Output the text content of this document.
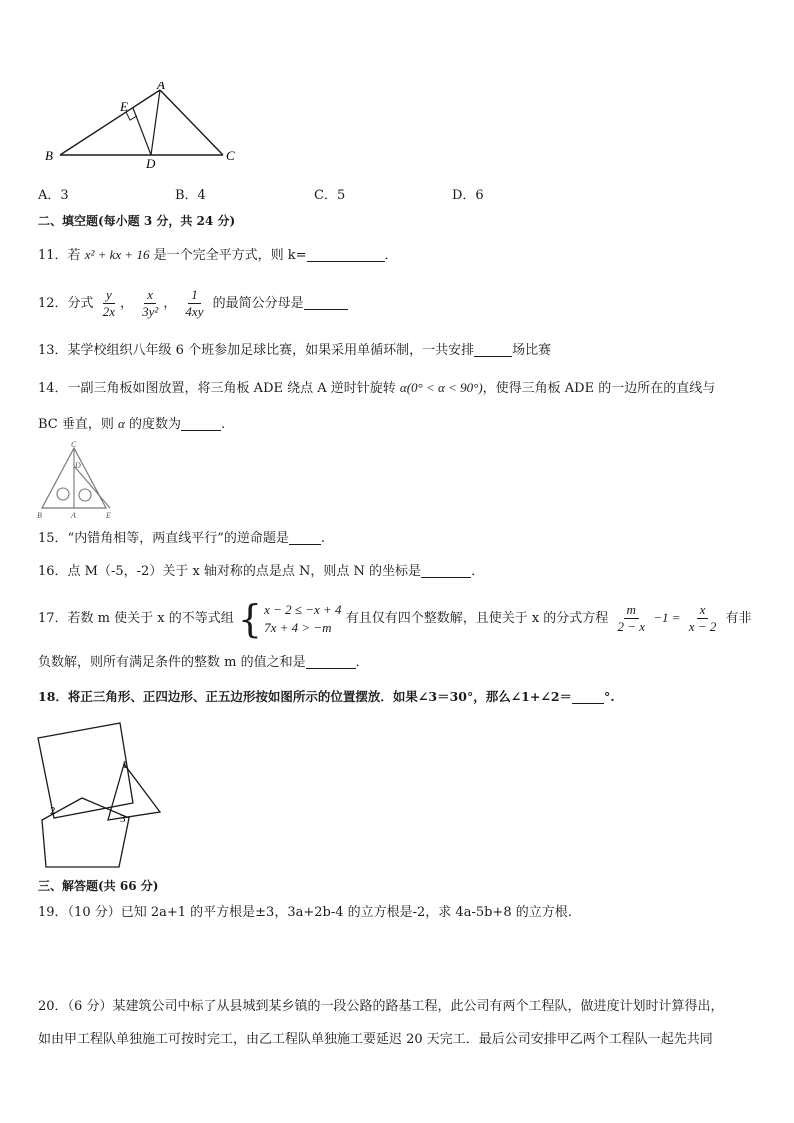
A
B	C
D
E
A．3	B．4	C．5	D．6
二、填空题(每小题 3 分，共 24 分)
11．若 x² + kx + 16 是一个完全平方式，则 k=	．
12．分式 $\frac{y}{2x}$ ， $\frac{x}{\text{3y²}}$ ， $\frac{1}{4xy}$ 的最简公分母是
13．某学校组织八年级 6 个班参加足球比赛，如果采用单循环制，一共安排	场比赛
14．一副三角板如图放置，将三角板 ADE 绕点 A 逆时针旋转 α(0° < α < 90°)，使得三角板 ADE 的一边所在的直线与
BC 垂直，则 α 的度数为	.
C
D
B	A	E
15．“内错角相等，两直线平行”的逆命题是 .
16．点 M（-5，-2）关于 x 轴对称的点是点 N，则点 N 的坐标是	．
17．若数 m 使关于 x 的不等式组 { x − 2 ≤ −x + 4
7x + 4 > −m
有且仅有四个整数解，且使关于 x 的分式方程 $\frac{m}{2 - x} -1 = \frac{x}{x - 2}$ 有非
负数解，则所有满足条件的整数 m 的值之和是	．
18．将正三角形、正四边形、正五边形按如图所示的位置摆放．如果∠3＝30°，那么∠1+∠2＝	°.
1
2
3
三、解答题(共 66 分)
19．（10 分）已知 2a+1 的平方根是±3，3a+2b-4 的立方根是-2，求 4a-5b+8 的立方根.
20．（6 分）某建筑公司中标了从县城到某乡镇的一段公路的路基工程，此公司有两个工程队，做进度计划时计算得出，
如由甲工程队单独施工可按时完工，由乙工程队单独施工要延迟 20 天完工．最后公司安排甲乙两个工程队一起先共同
